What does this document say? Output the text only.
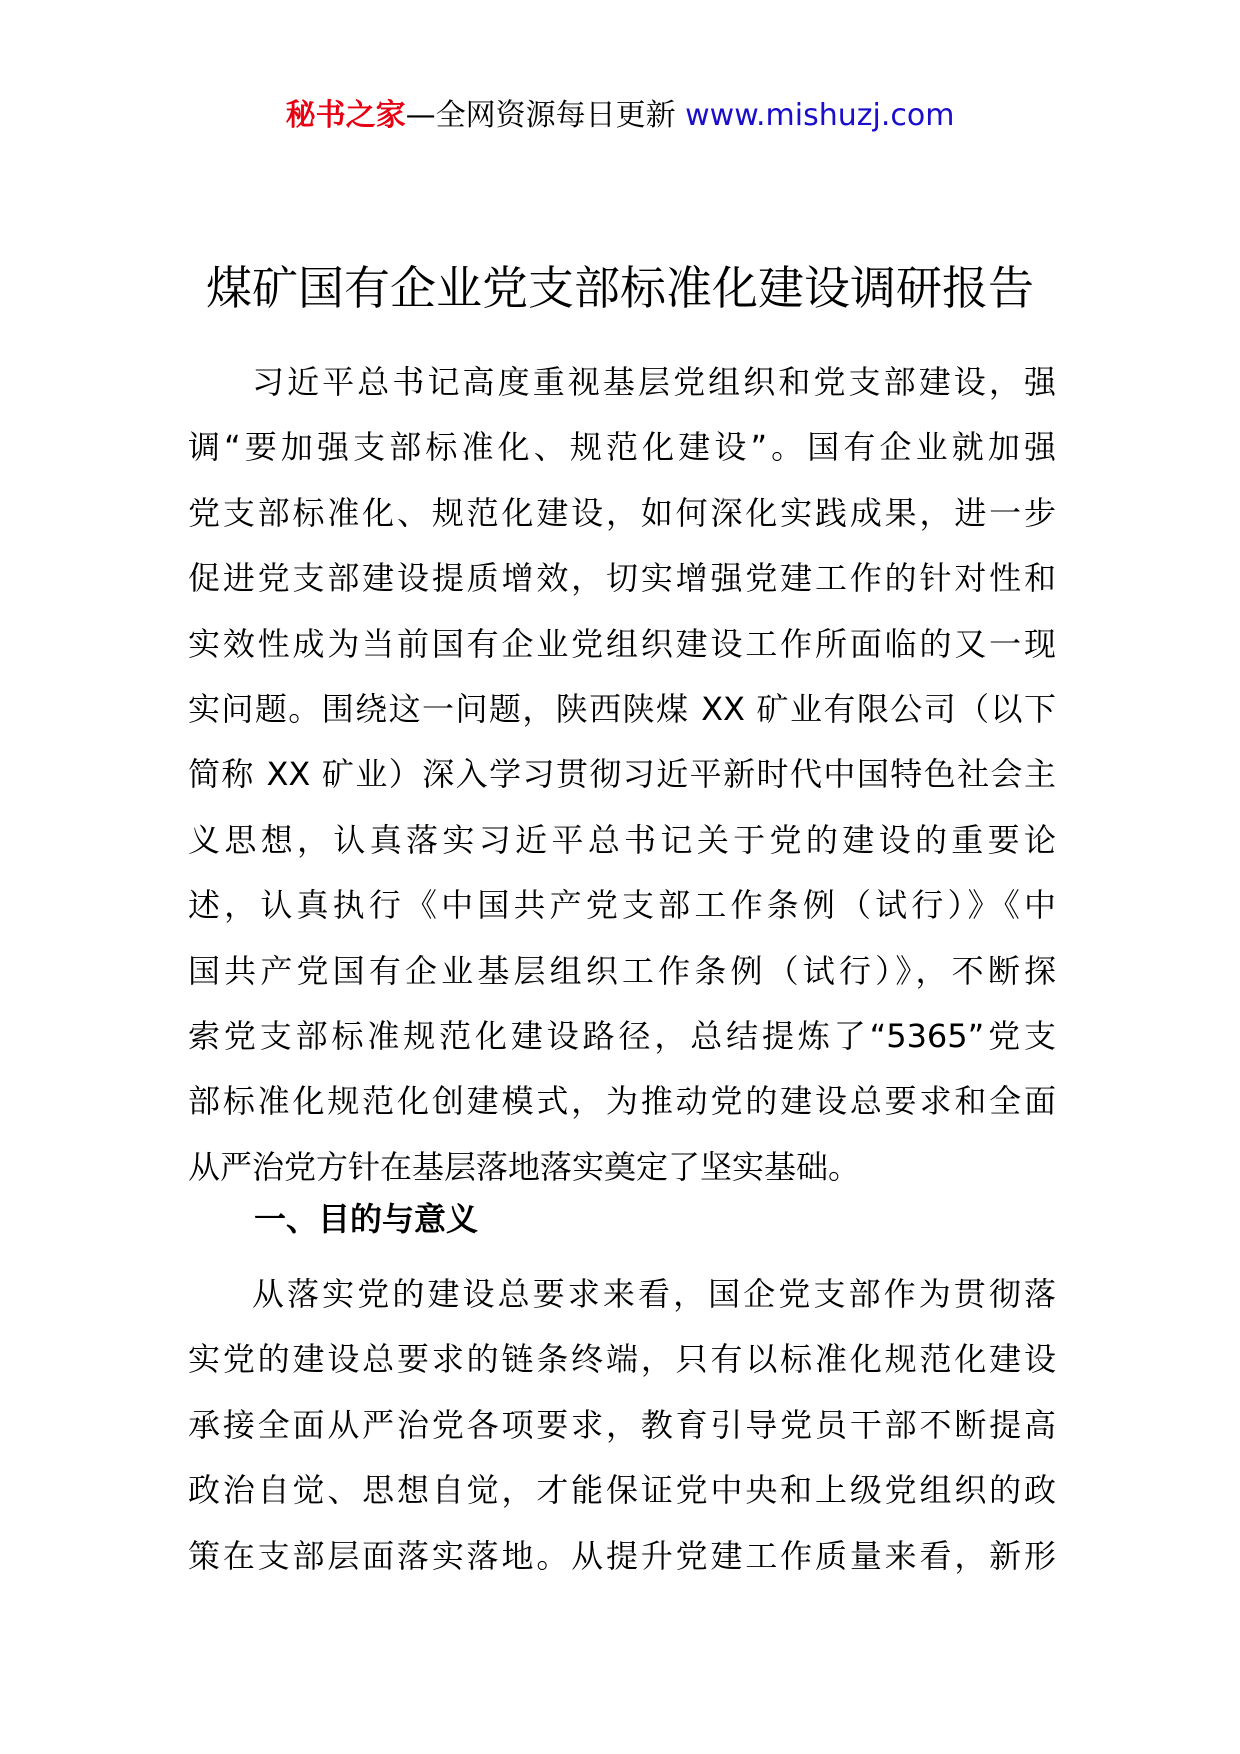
秘书之家—全网资源每日更新 www.mishuzj.com
煤矿国有企业党支部标准化建设调研报告
习近平总书记高度重视基层党组织和党支部建设，强
调“要加强支部标准化、规范化建设”。国有企业就加强
党支部标准化、规范化建设，如何深化实践成果，进一步
促进党支部建设提质增效，切实增强党建工作的针对性和
实效性成为当前国有企业党组织建设工作所面临的又一现
实问题。围绕这一问题，陕西陕煤 XX 矿业有限公司（以下
简称 XX 矿业）深入学习贯彻习近平新时代中国特色社会主
义思想，认真落实习近平总书记关于党的建设的重要论
述，认真执行《中国共产党支部工作条例（试行）》《中
国共产党国有企业基层组织工作条例（试行）》，不断探
索党支部标准规范化建设路径，总结提炼了“5365”党支
部标准化规范化创建模式，为推动党的建设总要求和全面
从严治党方针在基层落地落实奠定了坚实基础。
一、目的与意义
从落实党的建设总要求来看，国企党支部作为贯彻落
实党的建设总要求的链条终端，只有以标准化规范化建设
承接全面从严治党各项要求，教育引导党员干部不断提高
政治自觉、思想自觉，才能保证党中央和上级党组织的政
策在支部层面落实落地。从提升党建工作质量来看，新形
